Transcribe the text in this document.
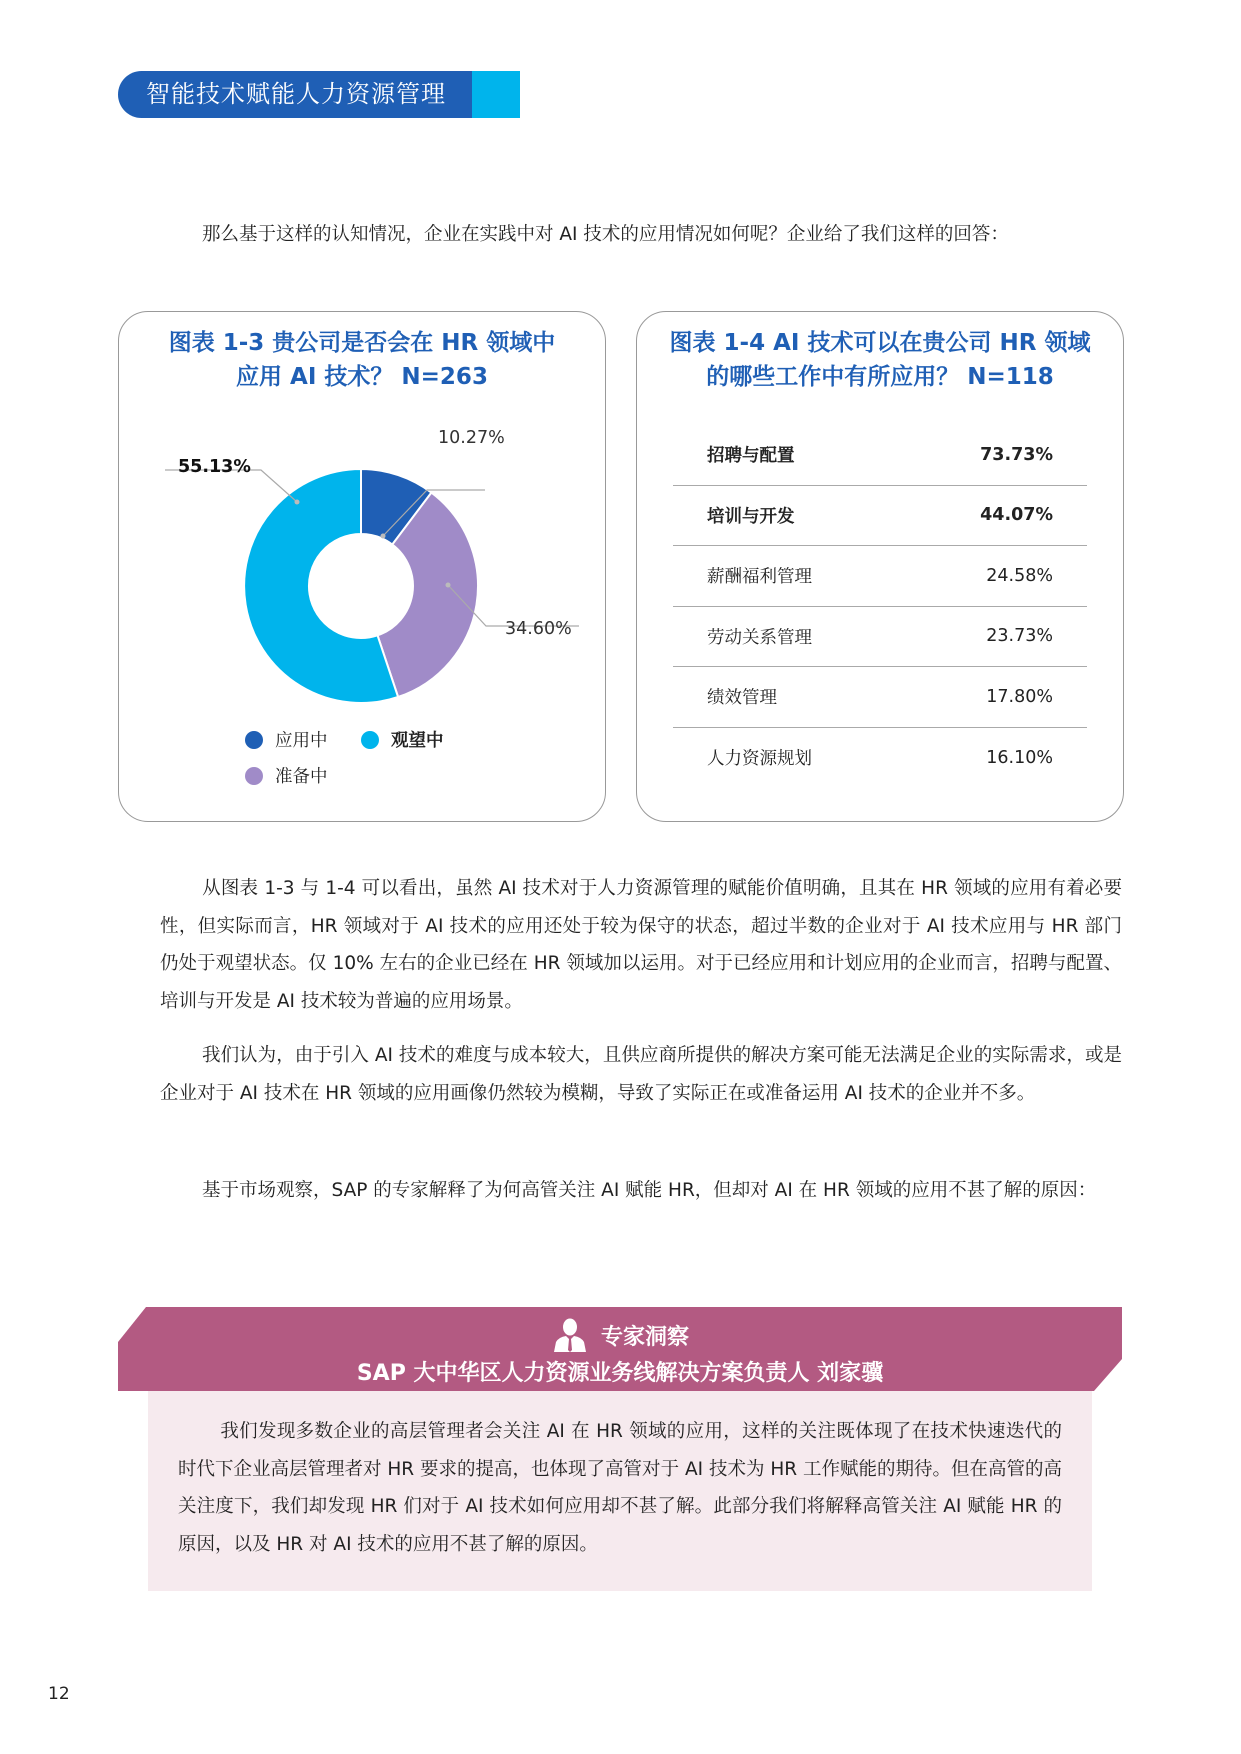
智能技术赋能人力资源管理
那么基于这样的认知情况，企业在实践中对 AI 技术的应用情况如何呢？企业给了我们这样的回答：
图表 1-3 贵公司是否会在 HR 领域中
应用 AI 技术？ N=263
10.27%
34.60%
55.13%
应用中	观望中
准备中
图表 1-4 AI 技术可以在贵公司 HR 领域
的哪些工作中有所应用？ N=118
招聘与配置	73.73%
培训与开发	44.07%
薪酬福利管理	24.58%
劳动关系管理	23.73%
绩效管理	17.80%
人力资源规划	16.10%
从图表 1-3 与 1-4 可以看出，虽然 AI 技术对于人力资源管理的赋能价值明确，且其在 HR 领域的应用有着必要性，但实际而言，HR 领域对于 AI 技术的应用还处于较为保守的状态，超过半数的企业对于 AI 技术应用与 HR 部门仍处于观望状态。仅 10% 左右的企业已经在 HR 领域加以运用。对于已经应用和计划应用的企业而言，招聘与配置、培训与开发是 AI 技术较为普遍的应用场景。
我们认为，由于引入 AI 技术的难度与成本较大，且供应商所提供的解决方案可能无法满足企业的实际需求，或是企业对于 AI 技术在 HR 领域的应用画像仍然较为模糊，导致了实际正在或准备运用 AI 技术的企业并不多。
基于市场观察，SAP 的专家解释了为何高管关注 AI 赋能 HR，但却对 AI 在 HR 领域的应用不甚了解的原因：
专家洞察
SAP 大中华区人力资源业务线解决方案负责人 刘家骥
我们发现多数企业的高层管理者会关注 AI 在 HR 领域的应用，这样的关注既体现了在技术快速迭代的时代下企业高层管理者对 HR 要求的提高，也体现了高管对于 AI 技术为 HR 工作赋能的期待。但在高管的高关注度下，我们却发现 HR 们对于 AI 技术如何应用却不甚了解。此部分我们将解释高管关注 AI 赋能 HR 的原因，以及 HR 对 AI 技术的应用不甚了解的原因。
12
